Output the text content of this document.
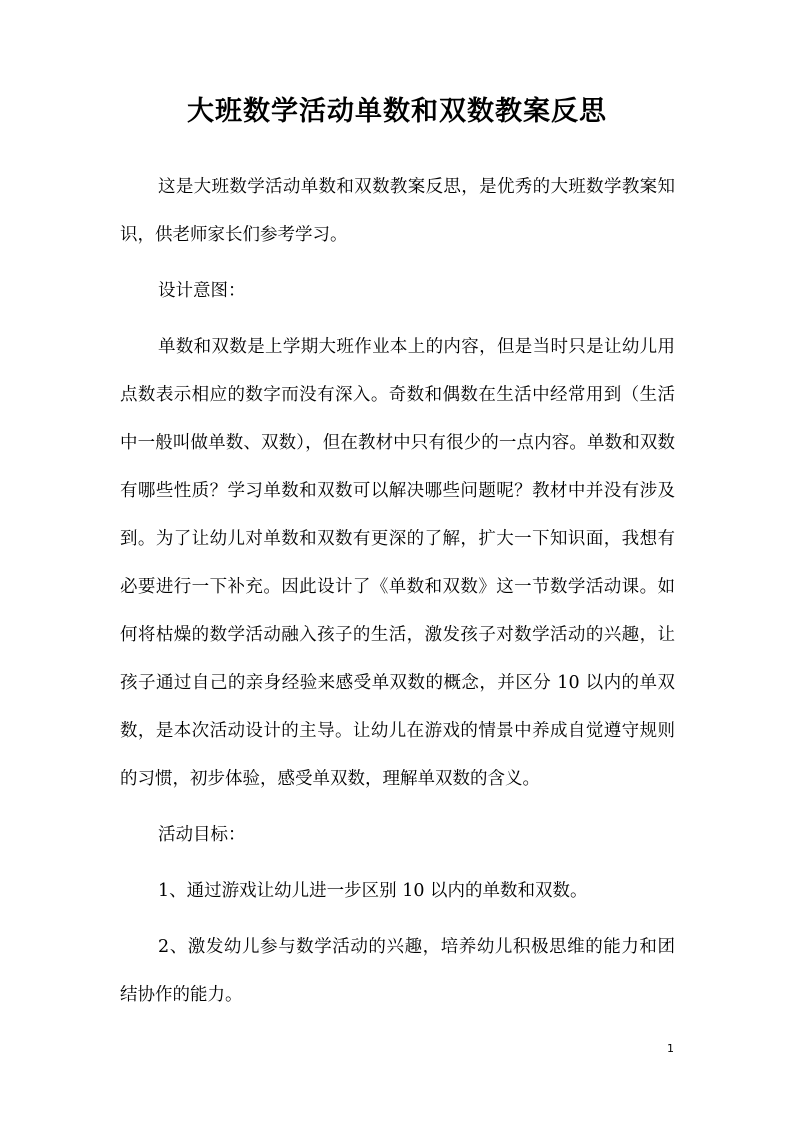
大班数学活动单数和双数教案反思

这是大班数学活动单数和双数教案反思，是优秀的大班数学教案知识，供老师家长们参考学习。

设计意图：

单数和双数是上学期大班作业本上的内容，但是当时只是让幼儿用点数表示相应的数字而没有深入。奇数和偶数在生活中经常用到（生活中一般叫做单数、双数），但在教材中只有很少的一点内容。单数和双数有哪些性质？学习单数和双数可以解决哪些问题呢？教材中并没有涉及到。为了让幼儿对单数和双数有更深的了解，扩大一下知识面，我想有必要进行一下补充。因此设计了《单数和双数》这一节数学活动课。如何将枯燥的数学活动融入孩子的生活，激发孩子对数学活动的兴趣，让孩子通过自己的亲身经验来感受单双数的概念，并区分 10 以内的单双数，是本次活动设计的主导。让幼儿在游戏的情景中养成自觉遵守规则的习惯，初步体验，感受单双数，理解单双数的含义。

活动目标：

1、通过游戏让幼儿进一步区别 10 以内的单数和双数。

2、激发幼儿参与数学活动的兴趣，培养幼儿积极思维的能力和团结协作的能力。

1
